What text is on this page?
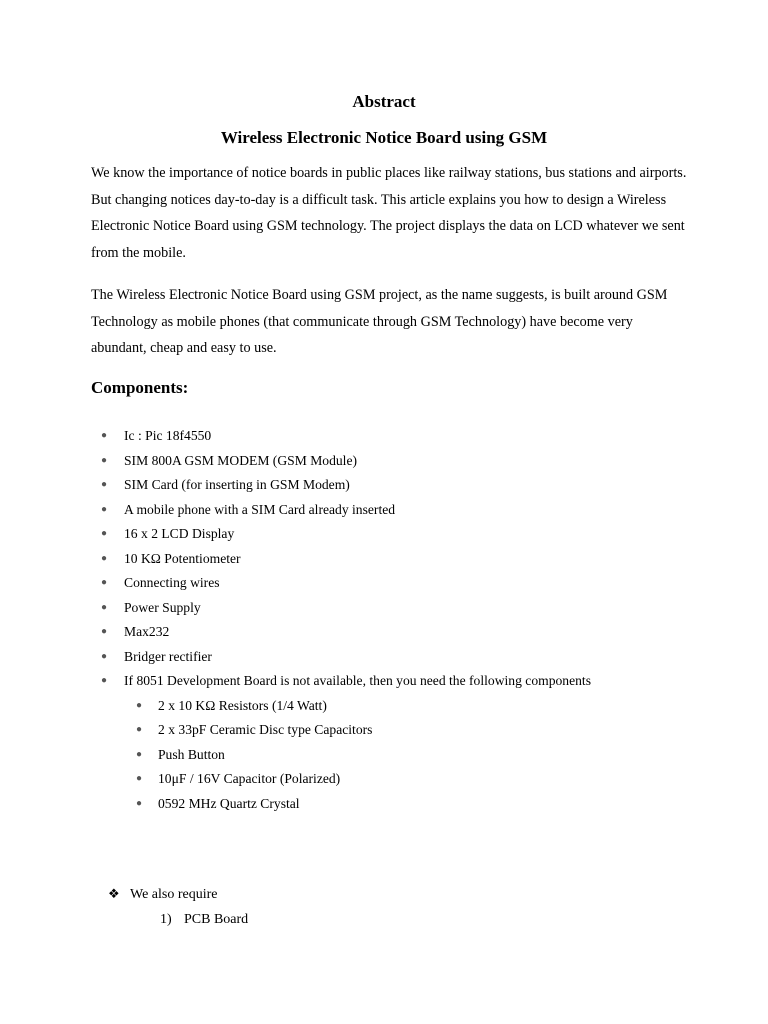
Abstract
Wireless Electronic Notice Board using GSM

We know the importance of notice boards in public places like railway stations, bus stations and airports. But changing notices day-to-day is a difficult task. This article explains you how to design a Wireless Electronic Notice Board using GSM technology. The project displays the data on LCD whatever we sent from the mobile.

The Wireless Electronic Notice Board using GSM project, as the name suggests, is built around GSM Technology as mobile phones (that communicate through GSM Technology) have become very abundant, cheap and easy to use.

Components:
● Ic : Pic 18f4550
● SIM 800A GSM MODEM (GSM Module)
● SIM Card (for inserting in GSM Modem)
● A mobile phone with a SIM Card already inserted
● 16 x 2 LCD Display
● 10 KΩ Potentiometer
● Connecting wires
● Power Supply
● Max232
● Bridger rectifier
● If 8051 Development Board is not available, then you need the following components
● 2 x 10 KΩ Resistors (1/4 Watt)
● 2 x 33pF Ceramic Disc type Capacitors
● Push Button
● 10μF / 16V Capacitor (Polarized)
● 0592 MHz Quartz Crystal
❖ We also require
1) PCB Board
